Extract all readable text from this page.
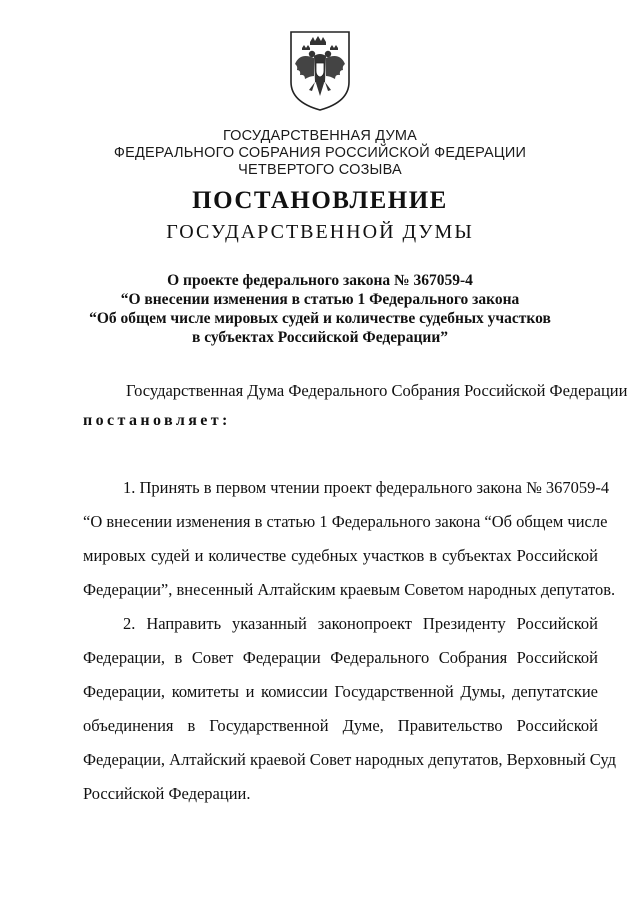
ГОСУДАРСТВЕННАЯ ДУМА
ФЕДЕРАЛЬНОГО СОБРАНИЯ РОССИЙСКОЙ ФЕДЕРАЦИИ
ЧЕТВЕРТОГО СОЗЫВА
ПОСТАНОВЛЕНИЕ
ГОСУДАРСТВЕННОЙ ДУМЫ
О проекте федерального закона № 367059-4
“О внесении изменения в статью 1 Федерального закона
“Об общем числе мировых судей и количестве судебных участков
в субъектах Российской Федерации”
Государственная Дума Федерального Собрания Российской Федерации
постановляет:
1. Принять в первом чтении проект федерального закона № 367059-4
“О внесении изменения в статью 1 Федерального закона “Об общем числе
мировых судей и количестве судебных участков в субъектах Российской
Федерации”, внесенный Алтайским краевым Советом народных депутатов.
2. Направить указанный законопроект Президенту Российской
Федерации, в Совет Федерации Федерального Собрания Российской
Федерации, комитеты и комиссии Государственной Думы, депутатские
объединения в Государственной Думе, Правительство Российской
Федерации, Алтайский краевой Совет народных депутатов, Верховный Суд
Российской Федерации.
